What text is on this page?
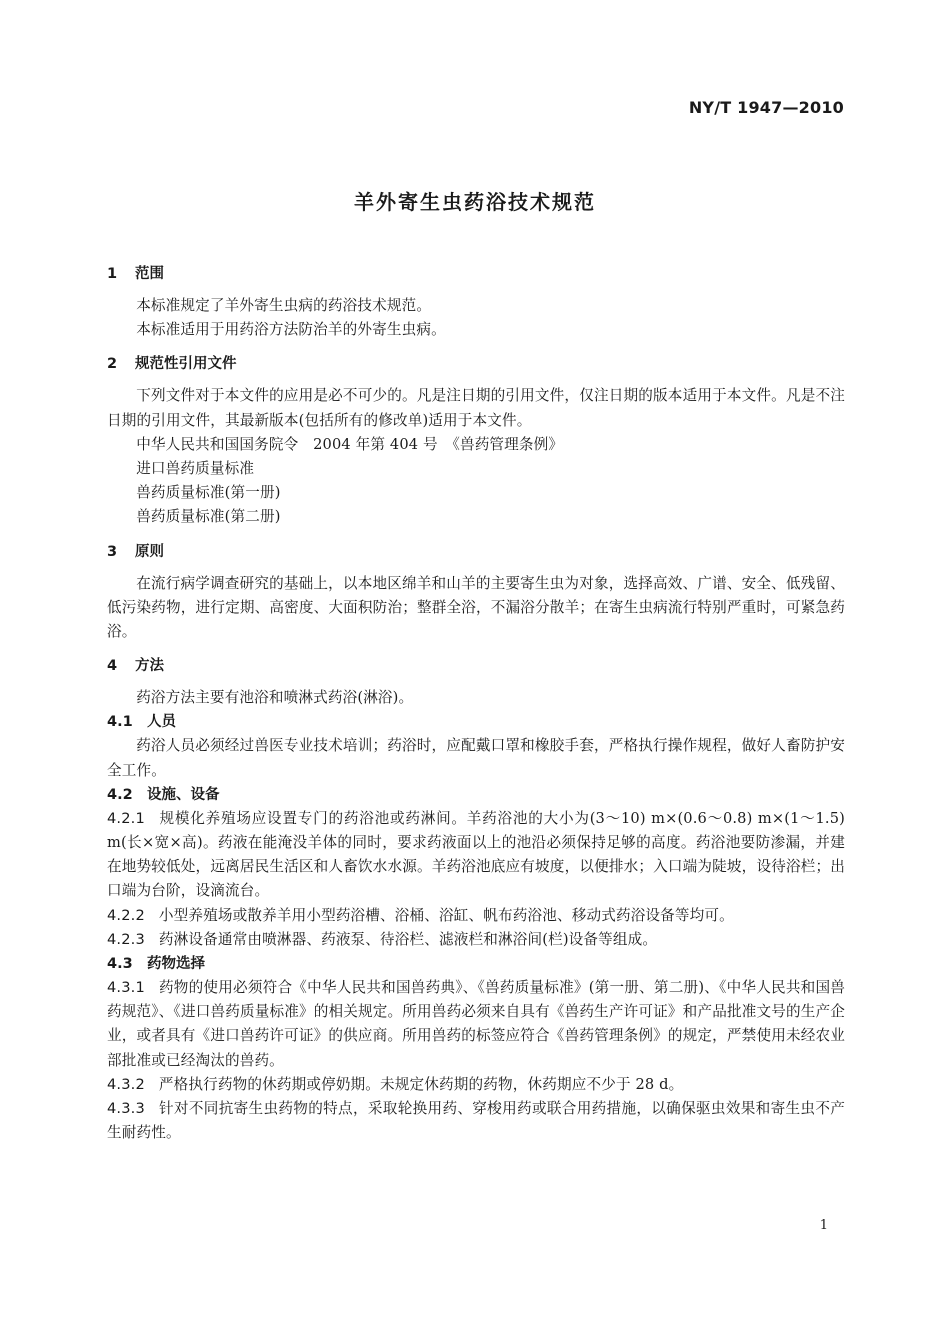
NY/T 1947—2010
羊外寄生虫药浴技术规范
1 范围

本标准规定了羊外寄生虫病的药浴技术规范。

本标准适用于用药浴方法防治羊的外寄生虫病。

2 规范性引用文件

下列文件对于本文件的应用是必不可少的。凡是注日期的引用文件，仅注日期的版本适用于本文件。凡是不注日期的引用文件，其最新版本(包括所有的修改单)适用于本文件。

中华人民共和国国务院令　2004 年第 404 号　《兽药管理条例》
进口兽药质量标准
兽药质量标准(第一册)
兽药质量标准(第二册)

3 原则

在流行病学调查研究的基础上，以本地区绵羊和山羊的主要寄生虫为对象，选择高效、广谱、安全、低残留、低污染药物，进行定期、高密度、大面积防治；整群全浴，不漏浴分散羊；在寄生虫病流行特别严重时，可紧急药浴。

4 方法

药浴方法主要有池浴和喷淋式药浴(淋浴)。

4.1 人员

药浴人员必须经过兽医专业技术培训；药浴时，应配戴口罩和橡胶手套，严格执行操作规程，做好人畜防护安全工作。

4.2 设施、设备

4.2.1 规模化养殖场应设置专门的药浴池或药淋间。羊药浴池的大小为(3～10) m×(0.6～0.8) m×(1～1.5) m(长×宽×高)。药液在能淹没羊体的同时，要求药液面以上的池沿必须保持足够的高度。药浴池要防渗漏，并建在地势较低处，远离居民生活区和人畜饮水水源。羊药浴池底应有坡度，以便排水；入口端为陡坡，设待浴栏；出口端为台阶，设滴流台。

4.2.2 小型养殖场或散养羊用小型药浴槽、浴桶、浴缸、帆布药浴池、移动式药浴设备等均可。

4.2.3 药淋设备通常由喷淋器、药液泵、待浴栏、滤液栏和淋浴间(栏)设备等组成。

4.3 药物选择

4.3.1 药物的使用必须符合《中华人民共和国兽药典》、《兽药质量标准》(第一册、第二册)、《中华人民共和国兽药规范》、《进口兽药质量标准》的相关规定。所用兽药必须来自具有《兽药生产许可证》和产品批准文号的生产企业，或者具有《进口兽药许可证》的供应商。所用兽药的标签应符合《兽药管理条例》的规定，严禁使用未经农业部批准或已经淘汰的兽药。

4.3.2 严格执行药物的休药期或停奶期。未规定休药期的药物，休药期应不少于 28 d。

4.3.3 针对不同抗寄生虫药物的特点，采取轮换用药、穿梭用药或联合用药措施，以确保驱虫效果和寄生虫不产生耐药性。

1
